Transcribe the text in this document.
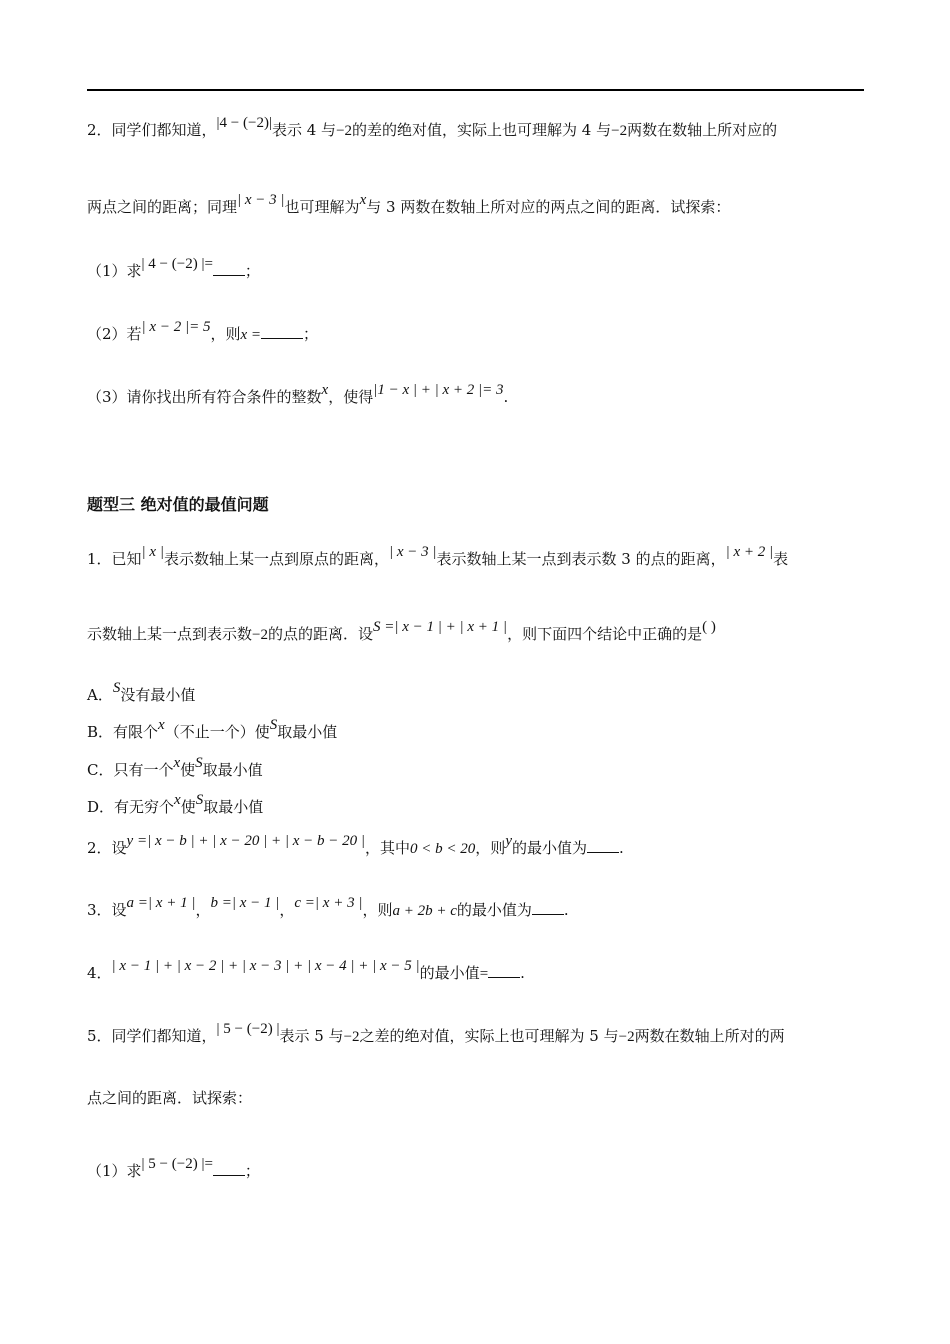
2．同学们都知道，|4 − (−2)|表示 4 与−2的差的绝对值，实际上也可理解为 4 与−2两数在数轴上所对应的
两点之间的距离；同理| x − 3 |也可理解为x与 3 两数在数轴上所对应的两点之间的距离．试探索：
（1）求| 4 − (−2) |= ；
（2）若| x − 2 |= 5，则x =	；
（3）请你找出所有符合条件的整数x，使得|1 − x | + | x + 2 |= 3.
题型三 绝对值的最值问题
1．已知| x |表示数轴上某一点到原点的距离，| x − 3 |表示数轴上某一点到表示数 3 的点的距离，| x + 2 |表
示数轴上某一点到表示数−2的点的距离．设S =| x − 1 | + | x + 1 |，则下面四个结论中正确的是( )
A．S没有最小值
B．有限个x（不止一个）使S取最小值
C．只有一个x使S取最小值
D．有无穷个x使S取最小值
2．设y =| x − b | + | x − 20 | + | x − b − 20 |，其中0 < b < 20，则y的最小值为 .
3．设a =| x + 1 |，b =| x − 1 |，c =| x + 3 |，则a + 2b + c的最小值为 .
4．| x − 1 | + | x − 2 | + | x − 3 | + | x − 4 | + | x − 5 |的最小值= .
5．同学们都知道，| 5 − (−2) |表示 5 与−2之差的绝对值，实际上也可理解为 5 与−2两数在数轴上所对的两
点之间的距离．试探索：
（1）求| 5 − (−2) |= ；
